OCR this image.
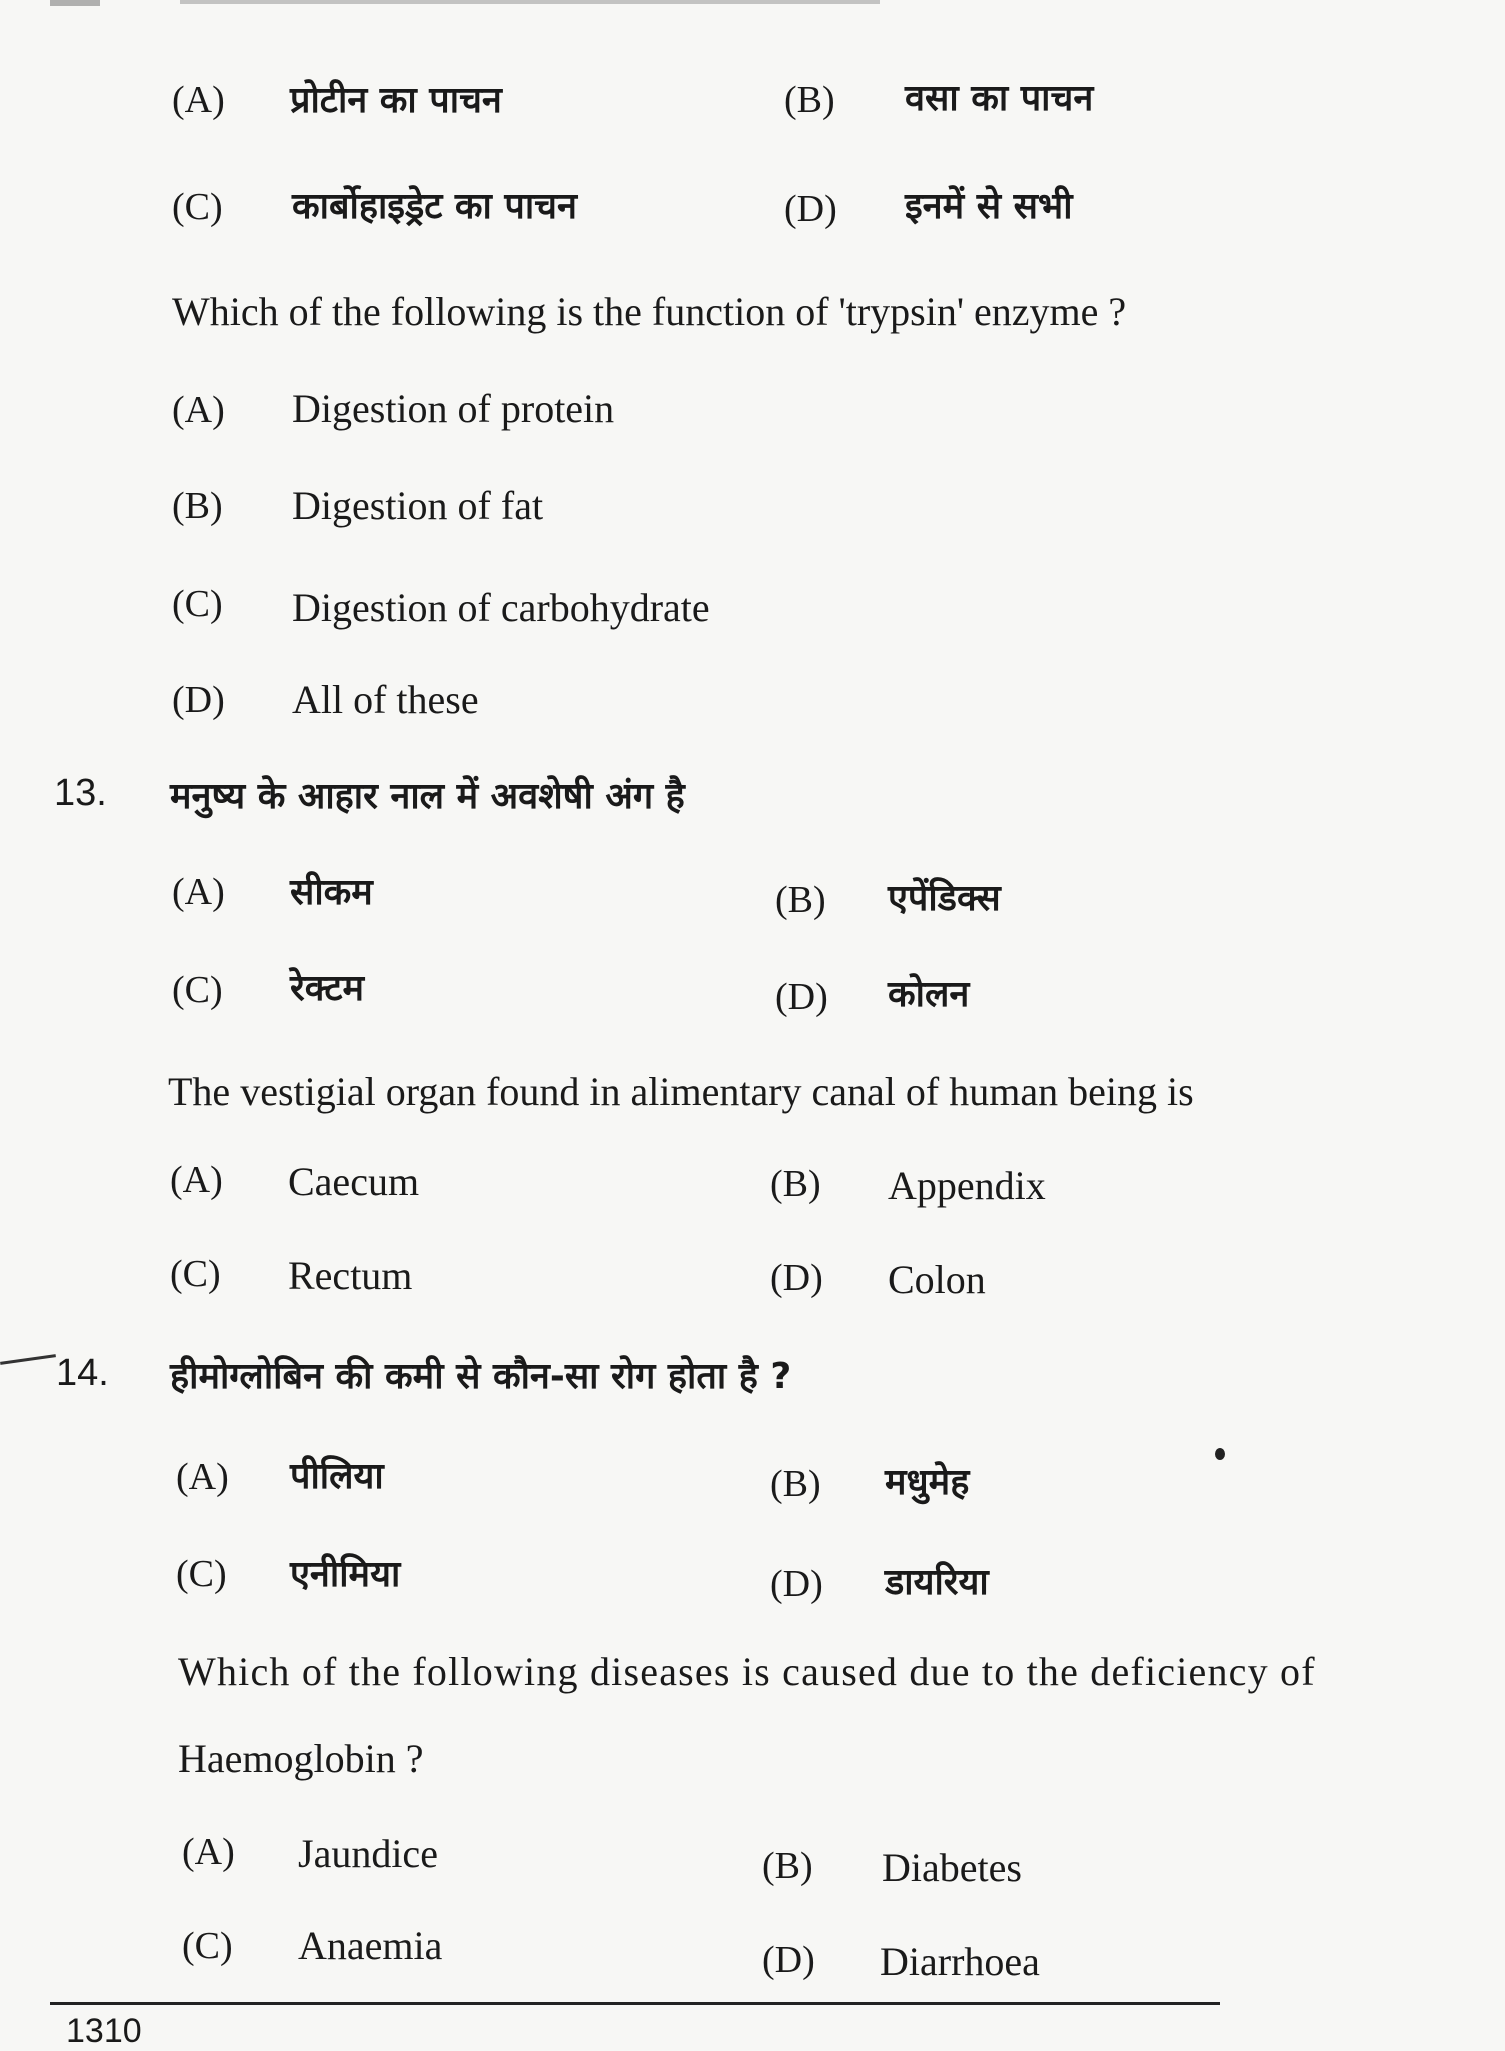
(A) प्रोटीन का पाचन	(B) वसा का पाचन
(C) कार्बोहाइड्रेट का पाचन	(D) इनमें से सभी
Which of the following is the function of 'trypsin' enzyme ?
(A) Digestion of protein
(B) Digestion of fat
(C) Digestion of carbohydrate
(D) All of these
13. मनुष्य के आहार नाल में अवशेषी अंग है
(A) सीकम	(B) एपेंडिक्स
(C) रेक्टम	(D) कोलन
The vestigial organ found in alimentary canal of human being is
(A) Caecum	(B) Appendix
(C) Rectum	(D) Colon
14. हीमोग्लोबिन की कमी से कौन-सा रोग होता है ?
(A) पीलिया	(B) मधुमेह
(C) एनीमिया	(D) डायरिया
Which of the following diseases is caused due to the deficiency of
Haemoglobin ?
(A) Jaundice	(B) Diabetes
(C) Anaemia	(D) Diarrhoea
1310
